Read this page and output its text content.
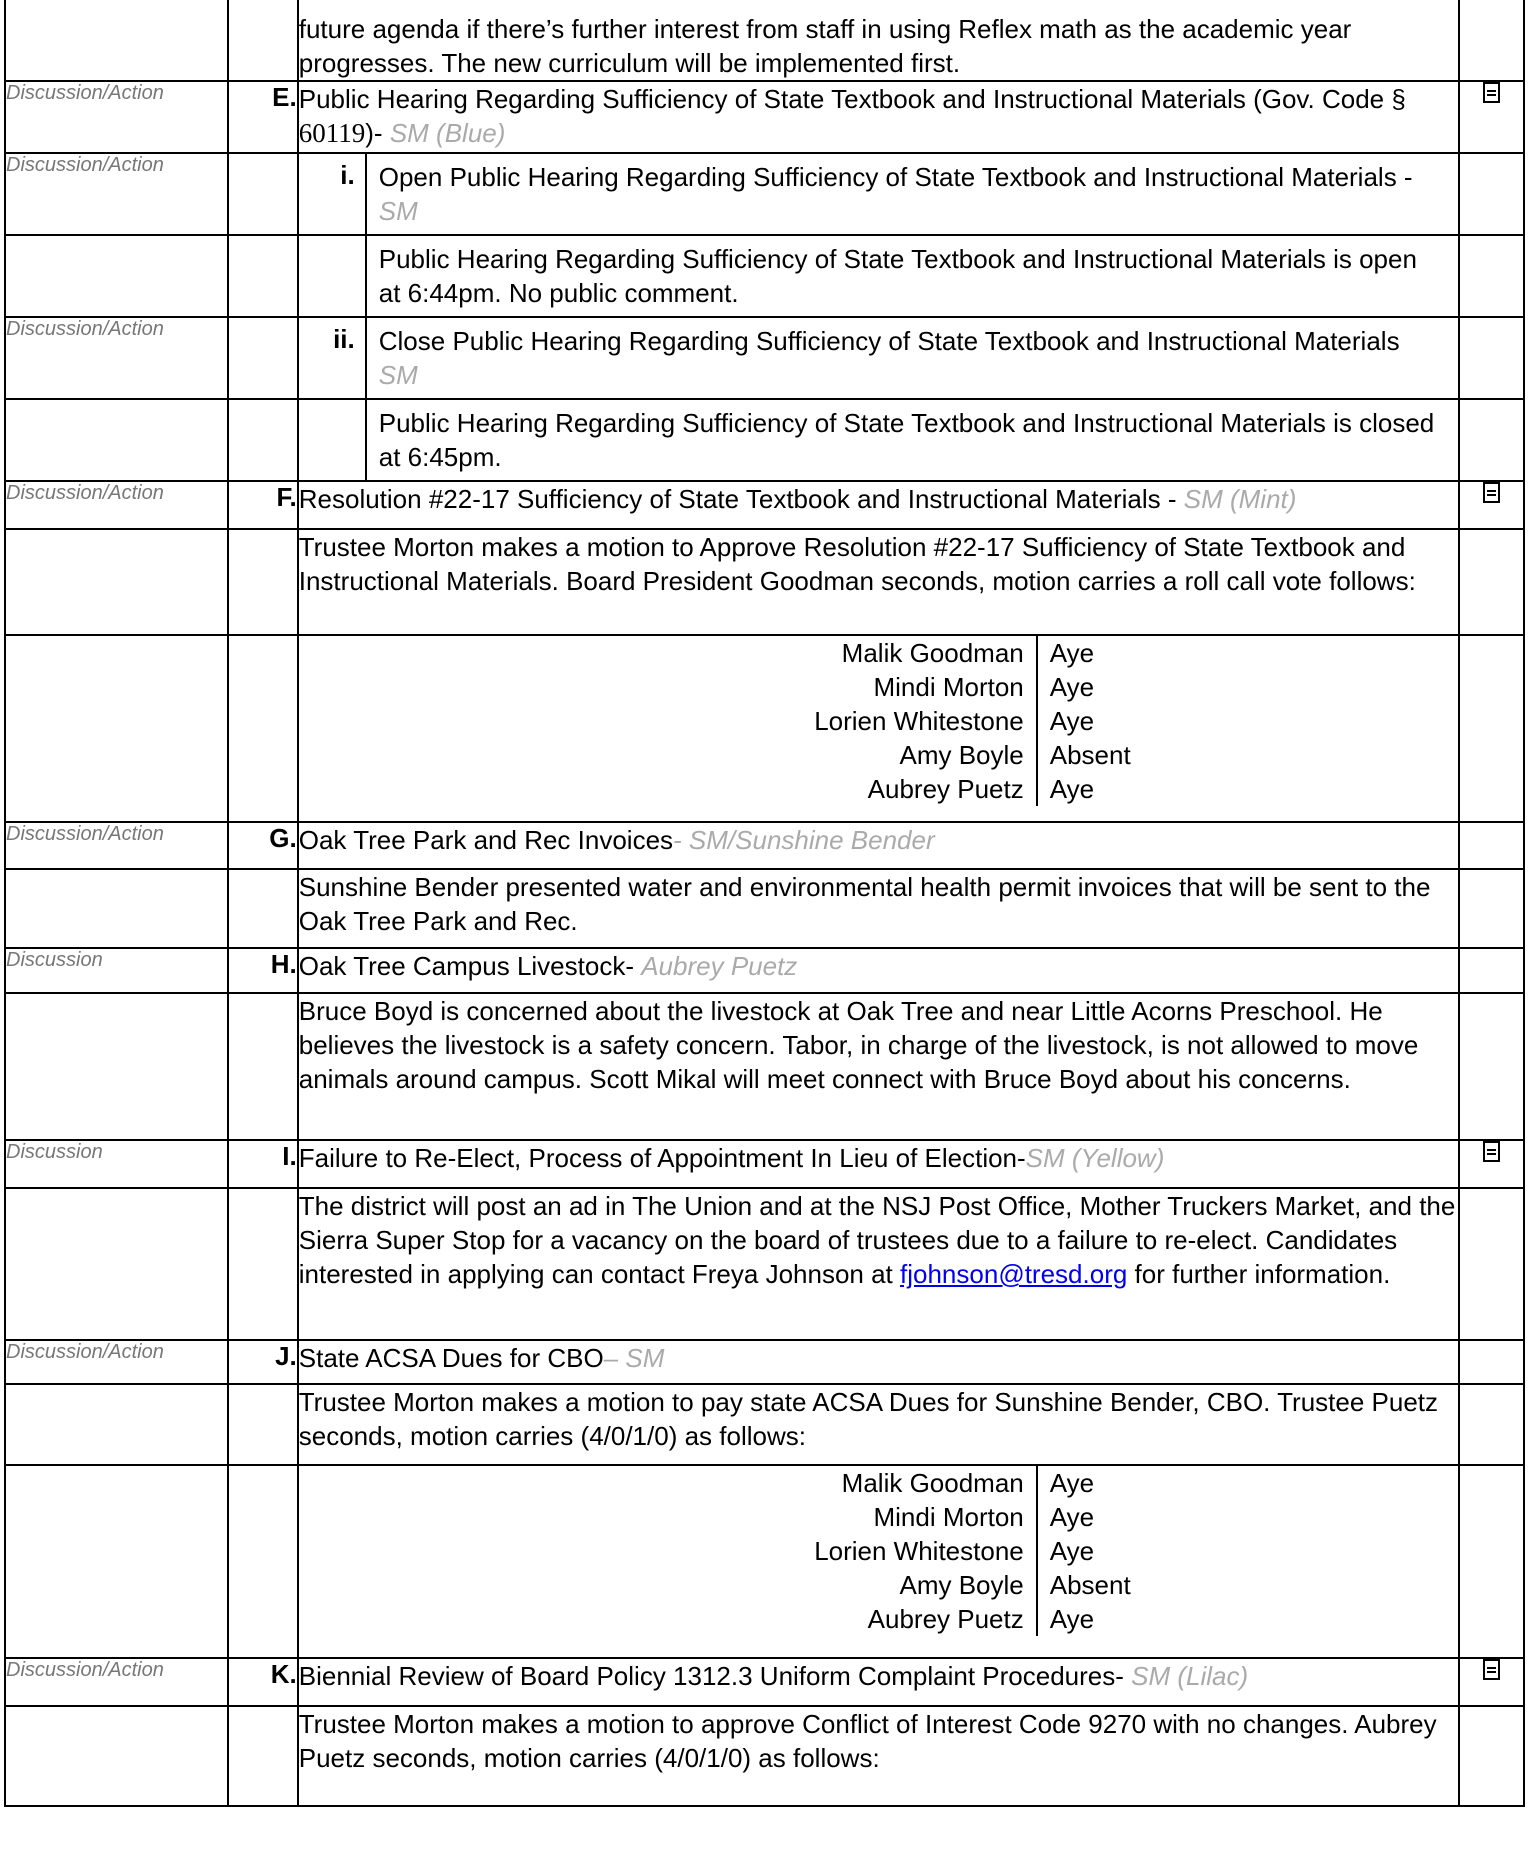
		future agenda if there’s further interest from staff in using Reflex math as the academic year progresses. The new curriculum will be implemented first.	
Discussion/Action	E.	Public Hearing Regarding Sufficiency of State Textbook and Instructional Materials (Gov. Code § 60119)- SM (Blue)	
Discussion/Action			i.	Open Public Hearing Regarding Sufficiency of State Textbook and Instructional Materials - SM

	Public Hearing Regarding Sufficiency of State Textbook and Instructional Materials is open at 6:44pm. No public comment.

Discussion/Action			ii.	Close Public Hearing Regarding Sufficiency of State Textbook and Instructional Materials SM

	Public Hearing Regarding Sufficiency of State Textbook and Instructional Materials is closed at 6:45pm.

Discussion/Action	F.	Resolution #22-17 Sufficiency of State Textbook and Instructional Materials - SM (Mint)	
		Trustee Morton makes a motion to Approve Resolution #22-17 Sufficiency of State Textbook and Instructional Materials. Board President Goodman seconds, motion carries a roll call vote follows:	

Malik Goodman	Aye
Mindi Morton	Aye
Lorien Whitestone	Aye
Amy Boyle	Absent
Aubrey Puetz	Aye

Discussion/Action	G.	Oak Tree Park and Rec Invoices- SM/Sunshine Bender	
		Sunshine Bender presented water and environmental health permit invoices that will be sent to the Oak Tree Park and Rec.	
Discussion	H.	Oak Tree Campus Livestock- Aubrey Puetz	
		Bruce Boyd is concerned about the livestock at Oak Tree and near Little Acorns Preschool. He believes the livestock is a safety concern. Tabor, in charge of the livestock, is not allowed to move animals around campus. Scott Mikal will meet connect with Bruce Boyd about his concerns.	
Discussion	I.	Failure to Re-Elect, Process of Appointment In Lieu of Election-SM (Yellow)	
		The district will post an ad in The Union and at the NSJ Post Office, Mother Truckers Market, and the Sierra Super Stop for a vacancy on the board of trustees due to a failure to re-elect. Candidates interested in applying can contact Freya Johnson at fjohnson@tresd.org for further information.	
Discussion/Action	J.	State ACSA Dues for CBO– SM	
		Trustee Morton makes a motion to pay state ACSA Dues for Sunshine Bender, CBO. Trustee Puetz seconds, motion carries (4/0/1/0) as follows:	

Malik Goodman	Aye
Mindi Morton	Aye
Lorien Whitestone	Aye
Amy Boyle	Absent
Aubrey Puetz	Aye

Discussion/Action	K.	Biennial Review of Board Policy 1312.3 Uniform Complaint Procedures- SM (Lilac)	
		Trustee Morton makes a motion to approve Conflict of Interest Code 9270 with no changes. Aubrey Puetz seconds, motion carries (4/0/1/0) as follows:	
